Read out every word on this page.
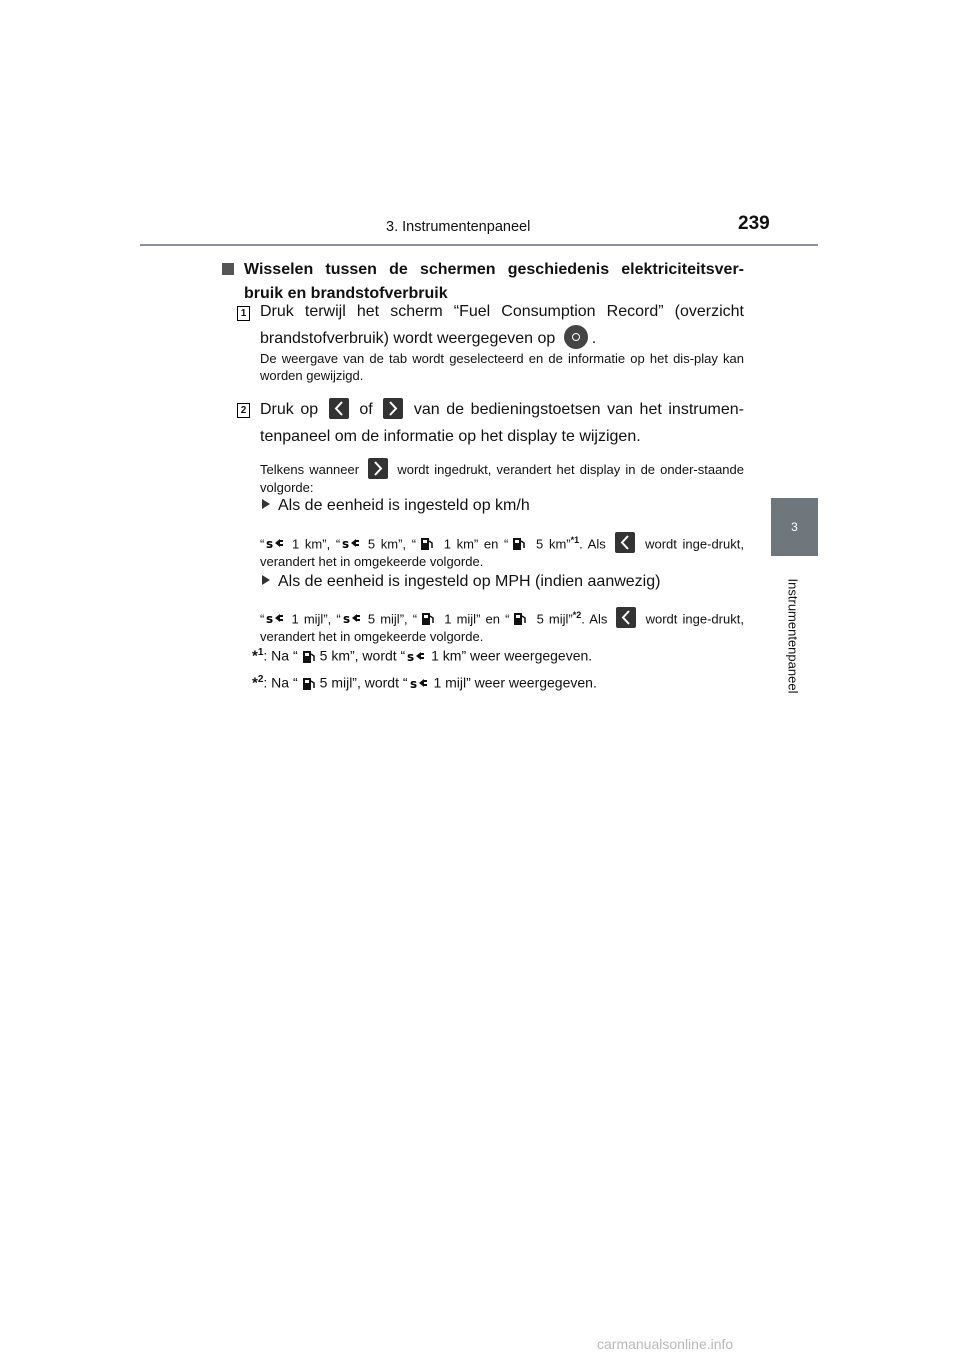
3. Instrumentenpaneel	239
3
Instrumentenpaneel
Wisselen tussen de schermen geschiedenis elektriciteitsver-
bruik en brandstofverbruik
1 Druk terwijl het scherm “Fuel Consumption Record” (overzicht brandstofverbruik) wordt weergegeven op .
De weergave van de tab wordt geselecteerd en de informatie op het dis-play kan worden gewijzigd.
2 Druk op	of	van de bedieningstoetsen van het instrumen-tenpaneel om de informatie op het display te wijzigen.
Telkens wanneer	wordt ingedrukt, verandert het display in de onder-staande volgorde:
Als de eenheid is ingesteld op km/h
“ s 1 km”, “ s 5 km”, “ 1 km” en “ 5 km”$^{*1}$. Als	wordt inge-drukt, verandert het in omgekeerde volgorde.
Als de eenheid is ingesteld op MPH (indien aanwezig)
“ s 1 mijl”, “ s 5 mijl”, “ 1 mijl” en “ 5 mijl”$^{*2}$. Als	wordt inge-drukt, verandert het in omgekeerde volgorde.
*$^1$: Na “ 5 km”, wordt “ s 1 km” weer weergegeven.
*$^2$: Na “ 5 mijl”, wordt “ s 1 mijl” weer weergegeven.
carmanualsonline.info
